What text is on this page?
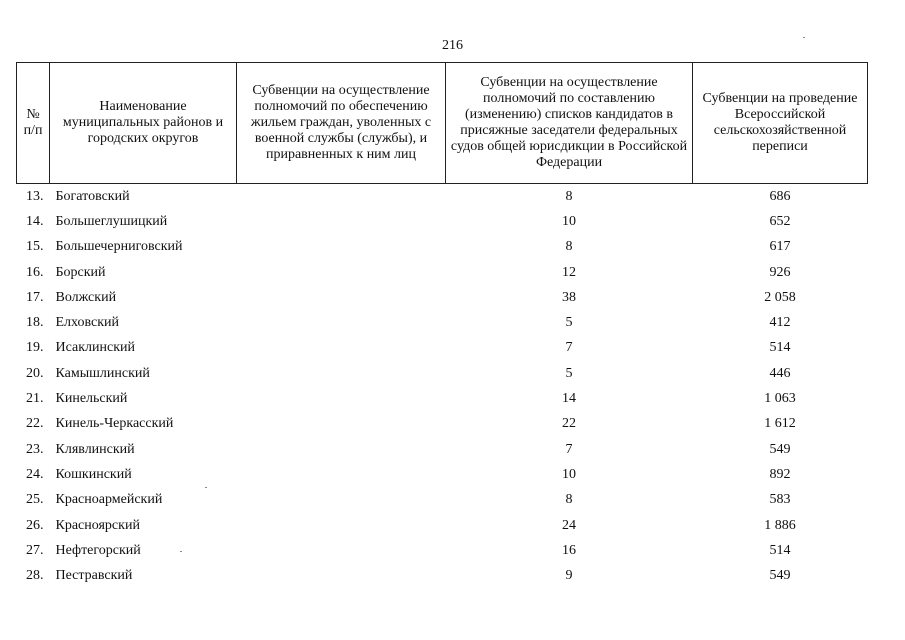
216
№ п/п	Наименование муниципальных районов и городских округов	Субвенции на осуществление полномочий по обеспечению жильем граждан, уволенных с военной службы (службы), и приравненных к ним лиц	Субвенции на осуществление полномочий по составлению (изменению) списков кандидатов в присяжные заседатели федеральных судов общей юрисдикции в Российской Федерации	Субвенции на проведение Всероссийской сельскохозяйственной переписи
13.	Богатовский		8	686
14.	Большеглушицкий		10	652
15.	Большечерниговский		8	617
16.	Борский		12	926
17.	Волжский		38	2 058
18.	Елховский		5	412
19.	Исаклинский		7	514
20.	Камышлинский		5	446
21.	Кинельский		14	1 063
22.	Кинель-Черкасский		22	1 612
23.	Клявлинский		7	549
24.	Кошкинский		10	892
25.	Красноармейский		8	583
26.	Красноярский		24	1 886
27.	Нефтегорский		16	514
28.	Пестравский		9	549
